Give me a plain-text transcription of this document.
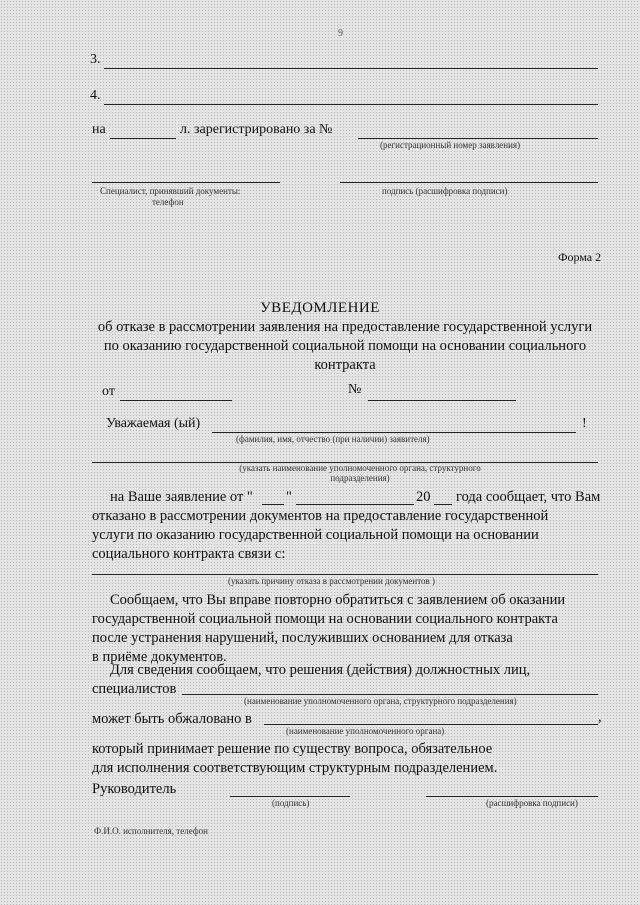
9
3.
4.
на	л. зарегистрировано за №
(регистрационный номер заявления)
Специалист, принявший документы:
телефон
подпись (расшифровка подписи)
Форма 2
УВЕДОМЛЕНИЕ
об отказе в рассмотрении заявления на предоставление государственной услуги
по оказанию государственной социальной помощи на основании социального
контракта
от	№
Уважаемая (ый)	!
(фамилия, имя, отчество (при наличии) заявителя)
(указать наименование уполномоченного органа, структурного
подразделения)
на Ваше заявление от " "	20 года сообщает, что Вам
отказано в рассмотрении документов на предоставление государственной
услуги по оказанию государственной социальной помощи на основании
социального контракта связи с:
(указать причину отказа в рассмотрении документов )
Сообщаем, что Вы вправе повторно обратиться с заявлением об оказании
государственной социальной помощи на основании социального контракта
после устранения нарушений, послуживших основанием для отказа
в приёме документов.
Для сведения сообщаем, что решения (действия) должностных лиц,
специалистов
(наименование уполномоченного органа, структурного подразделения)
может быть обжаловано в	,
(наименование уполномоченного органа)
который принимает решение по существу вопроса, обязательное
для исполнения соответствующим структурным подразделением.
Руководитель
(подпись)	(расшифровка подписи)
Ф.И.О. исполнителя, телефон
